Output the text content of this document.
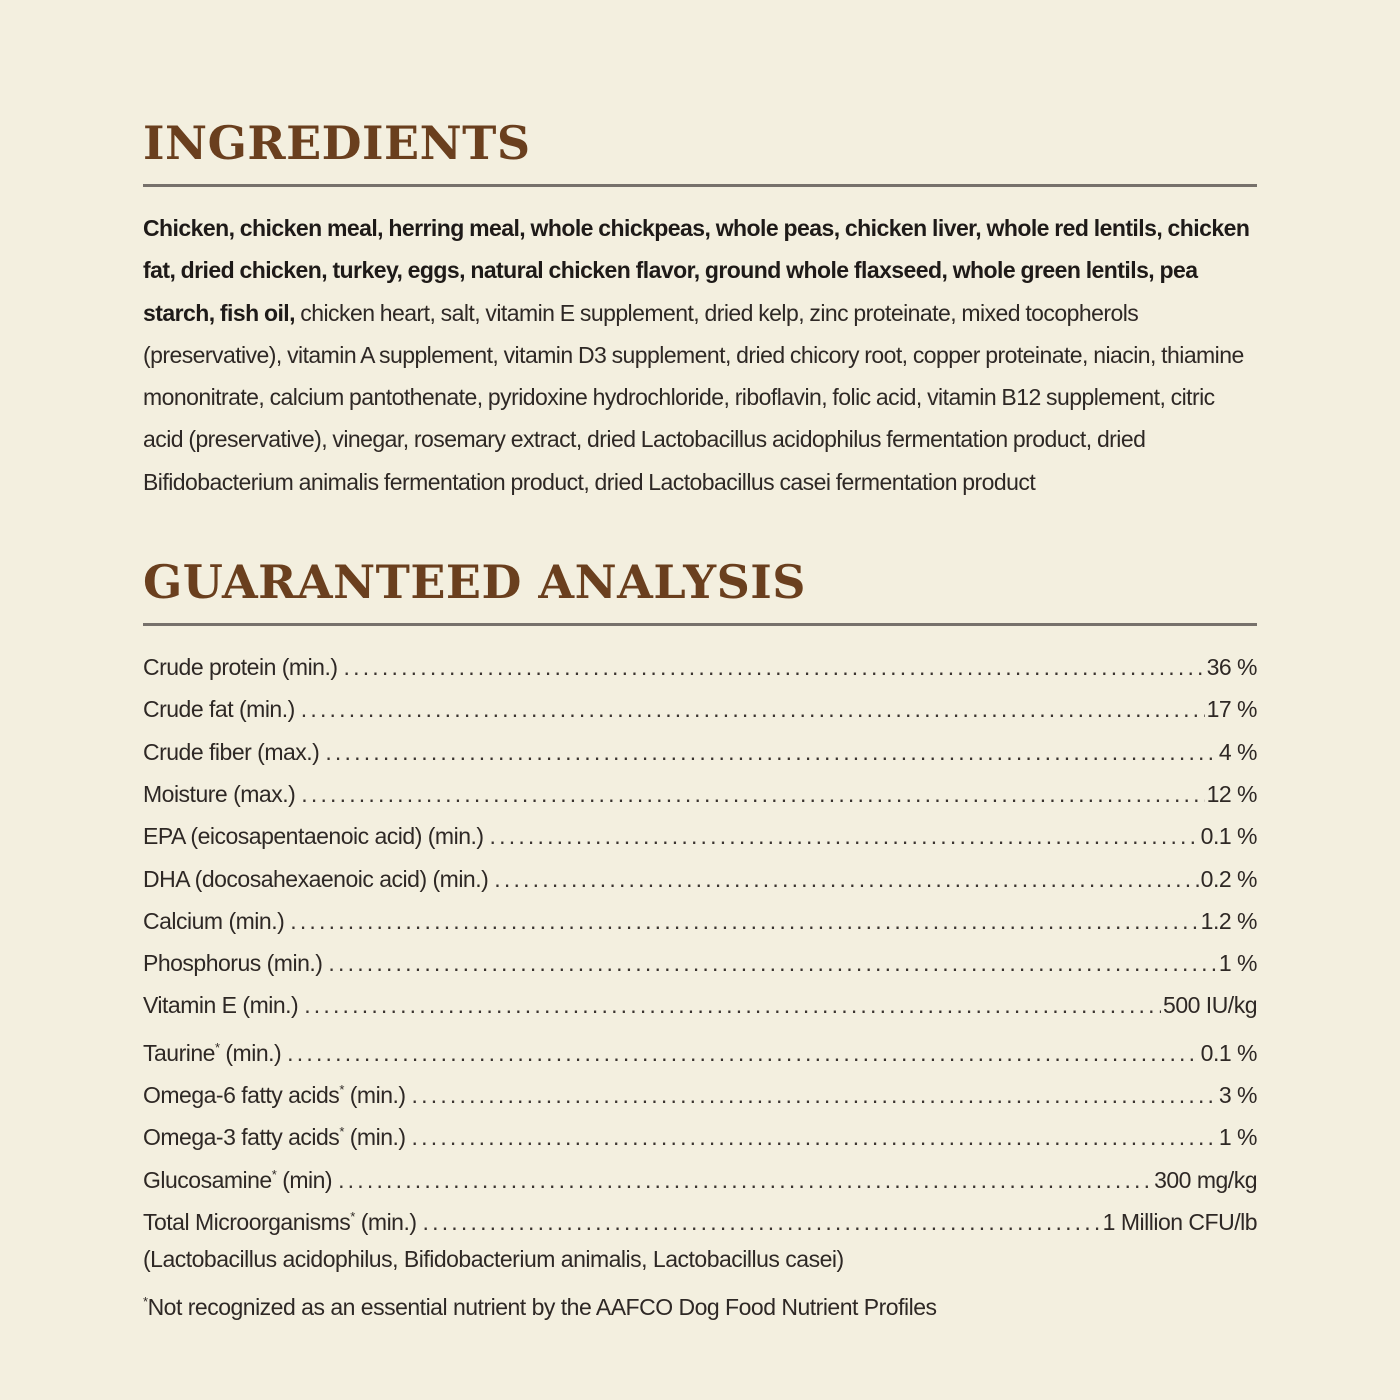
INGREDIENTS

Chicken, chicken meal, herring meal, whole chickpeas, whole peas, chicken liver, whole red lentils, chicken fat, dried chicken, turkey, eggs, natural chicken flavor, ground whole flaxseed, whole green lentils, pea starch, fish oil, chicken heart, salt, vitamin E supplement, dried kelp, zinc proteinate, mixed tocopherols (preservative), vitamin A supplement, vitamin D3 supplement, dried chicory root, copper proteinate, niacin, thiamine mononitrate, calcium pantothenate, pyridoxine hydrochloride, riboflavin, folic acid, vitamin B12 supplement, citric acid (preservative), vinegar, rosemary extract, dried Lactobacillus acidophilus fermentation product, dried Bifidobacterium animalis fermentation product, dried Lactobacillus casei fermentation product

GUARANTEED ANALYSIS
Crude protein (min.) .....	36 %
Crude fat (min.) .....	17 %
Crude fiber (max.) .....	4 %
Moisture (max.) .....	12 %
EPA (eicosapentaenoic acid) (min.) .....	0.1 %
DHA (docosahexaenoic acid) (min.) .....	0.2 %
Calcium (min.) .....	1.2 %
Phosphorus (min.) .....	1 %
Vitamin E (min.) .....	500 IU/kg
Taurine* (min.) .....	0.1 %
Omega-6 fatty acids* (min.) .....	3 %
Omega-3 fatty acids* (min.) .....	1 %
Glucosamine* (min) .....	300 mg/kg
Total Microorganisms* (min.) .....	1 Million CFU/lb
(Lactobacillus acidophilus, Bifidobacterium animalis, Lactobacillus casei)
*Not recognized as an essential nutrient by the AAFCO Dog Food Nutrient Profiles
